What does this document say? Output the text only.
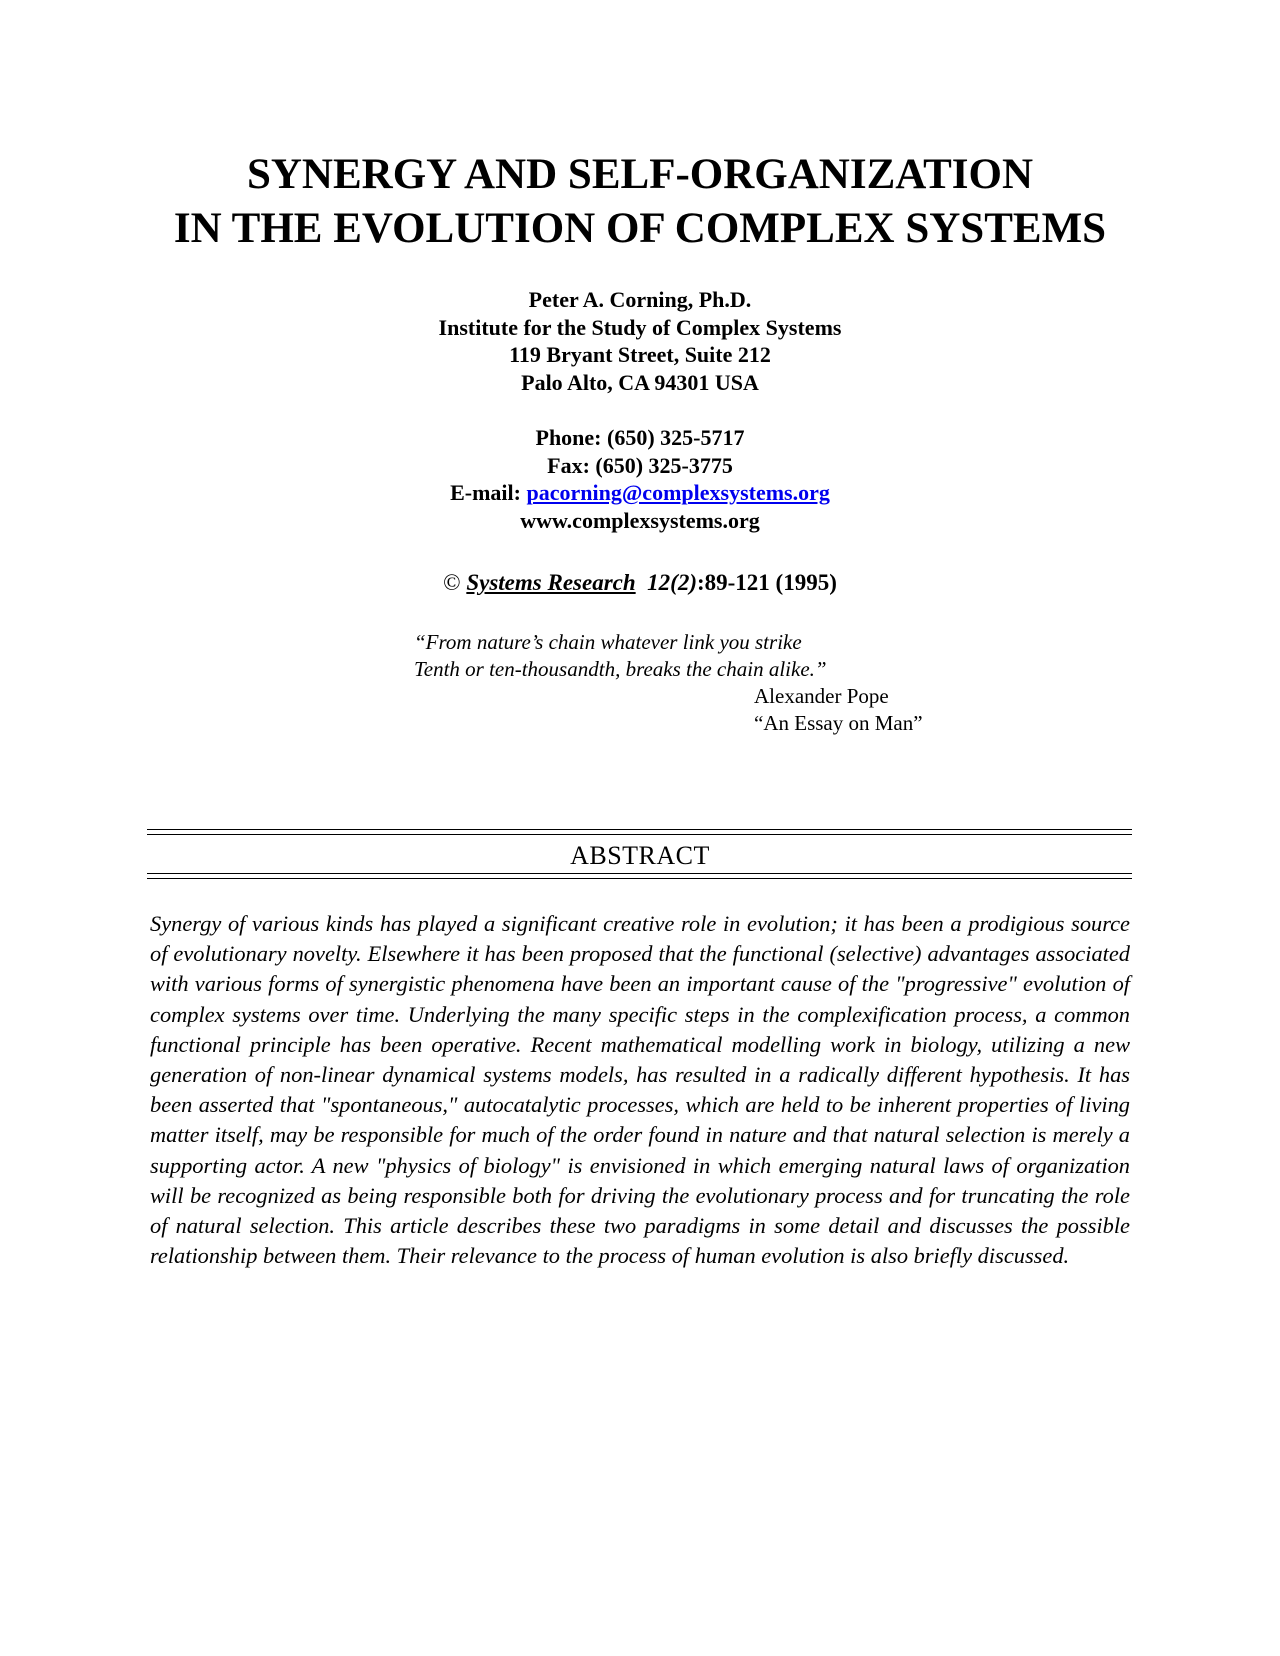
SYNERGY AND SELF-ORGANIZATION
IN THE EVOLUTION OF COMPLEX SYSTEMS
Peter A. Corning, Ph.D.
Institute for the Study of Complex Systems
119 Bryant Street, Suite 212
Palo Alto, CA 94301 USA
Phone: (650) 325-5717
Fax: (650) 325-3775
E-mail: pacorning@complexsystems.org
www.complexsystems.org
© Systems Research 12(2):89-121 (1995)
“From nature’s chain whatever link you strike
Tenth or ten-thousandth, breaks the chain alike.”
Alexander Pope
“An Essay on Man”
ABSTRACT

Synergy of various kinds has played a significant creative role in evolution; it has been a prodigious source of evolutionary novelty. Elsewhere it has been proposed that the functional (selective) advantages associated with various forms of synergistic phenomena have been an important cause of the "progressive" evolution of complex systems over time. Underlying the many specific steps in the complexification process, a common functional principle has been operative. Recent mathematical modelling work in biology, utilizing a new generation of non-linear dynamical systems models, has resulted in a radically different hypothesis. It has been asserted that "spontaneous," autocatalytic processes, which are held to be inherent properties of living matter itself, may be responsible for much of the order found in nature and that natural selection is merely a supporting actor. A new "physics of biology" is envisioned in which emerging natural laws of organization will be recognized as being responsible both for driving the evolutionary process and for truncating the role of natural selection. This article describes these two paradigms in some detail and discusses the possible relationship between them. Their relevance to the process of human evolution is also briefly discussed.
